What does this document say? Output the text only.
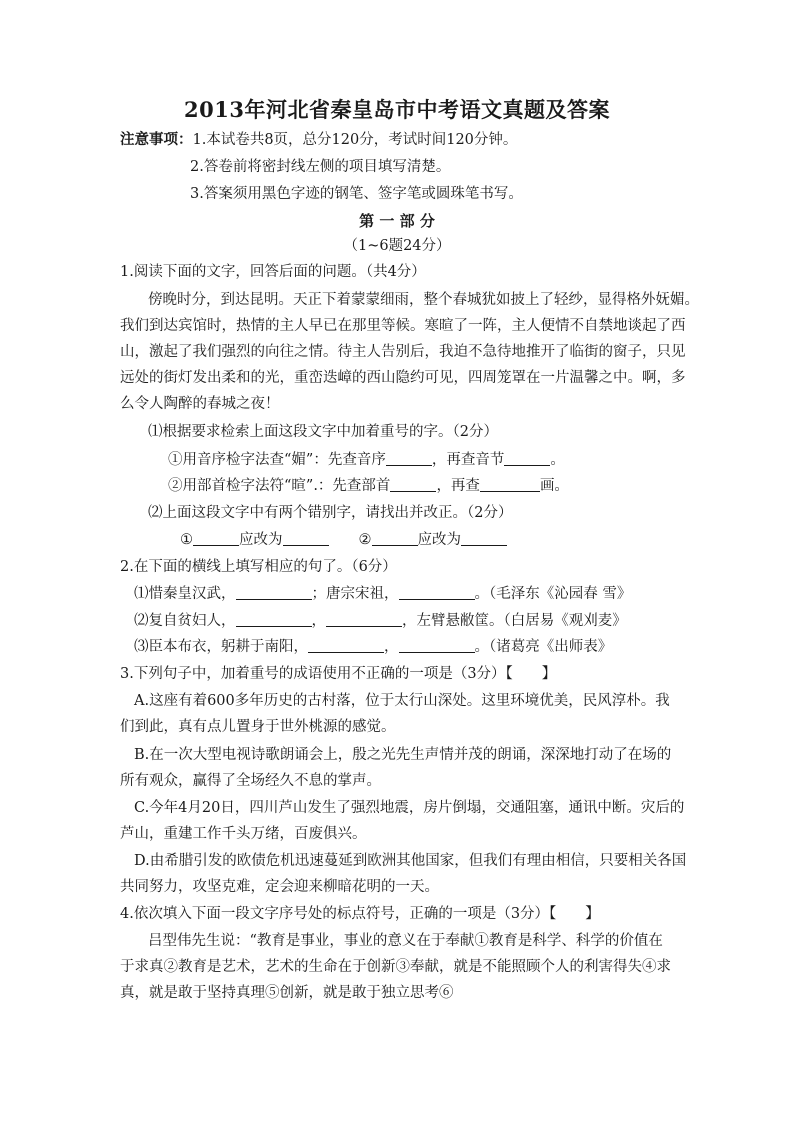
2013年河北省秦皇岛市中考语文真题及答案
注意事项：1.本试卷共8页，总分120分，考试时间120分钟。
2.答卷前将密封线左侧的项目填写清楚。
3.答案须用黑色字迹的钢笔、签字笔或圆珠笔书写。
第 一 部 分
（1~6题24分）
1.阅读下面的文字，回答后面的问题。（共4分）
傍晚时分，到达昆明。天正下着蒙蒙细雨，整个春城犹如披上了轻纱，显得格外妩媚。
我们到达宾馆时，热情的主人早已在那里等候。寒暄了一阵，主人便情不自禁地谈起了西
山，激起了我们强烈的向往之情。待主人告别后，我迫不急待地推开了临街的窗子，只见
远处的街灯发出柔和的光，重峦迭嶂的西山隐约可见，四周笼罩在一片温馨之中。啊，多
么令人陶醉的春城之夜！
⑴根据要求检索上面这段文字中加着重号的字。（2分）
①用音序检字法查“媚”：先查音序	，再查音节	。
②用部首检字法符“暄”.：先查部首	，再查	画。
⑵上面这段文字中有两个错别字，请找出并改正。（2分）
①	应改为	②	应改为
2.在下面的横线上填写相应的句了。（6分）
⑴惜秦皇汉武，	；唐宗宋祖，	。（毛泽东《沁园春 雪》
⑵复自贫妇人，	，	，左臂悬敝筐。（白居易《观刈麦》
⑶臣本布衣，躬耕于南阳，	，	。（诸葛亮《出师表》
3.下列句子中，加着重号的成语使用不正确的一项是（3分）【　　】
A.这座有着600多年历史的古村落，位于太行山深处。这里环境优美，民风淳朴。我
们到此，真有点儿置身于世外桃源的感觉。
B.在一次大型电视诗歌朗诵会上，殷之光先生声情并茂的朗诵，深深地打动了在场的
所有观众，赢得了全场经久不息的掌声。
C.今年4月20日，四川芦山发生了强烈地震，房片倒塌，交通阻塞，通讯中断。灾后的
芦山，重建工作千头万绪，百废俱兴。
D.由希腊引发的欧债危机迅速蔓延到欧洲其他国家，但我们有理由相信，只要相关各国
共同努力，攻坚克难，定会迎来柳暗花明的一天。
4.依次填入下面一段文字序号处的标点符号，正确的一项是（3分）【　　】
吕型伟先生说：“教育是事业，事业的意义在于奉献①教育是科学、科学的价值在
于求真②教育是艺术，艺术的生命在于创新③奉献，就是不能照顾个人的利害得失④求
真，就是敢于坚持真理⑤创新，就是敢于独立思考⑥
